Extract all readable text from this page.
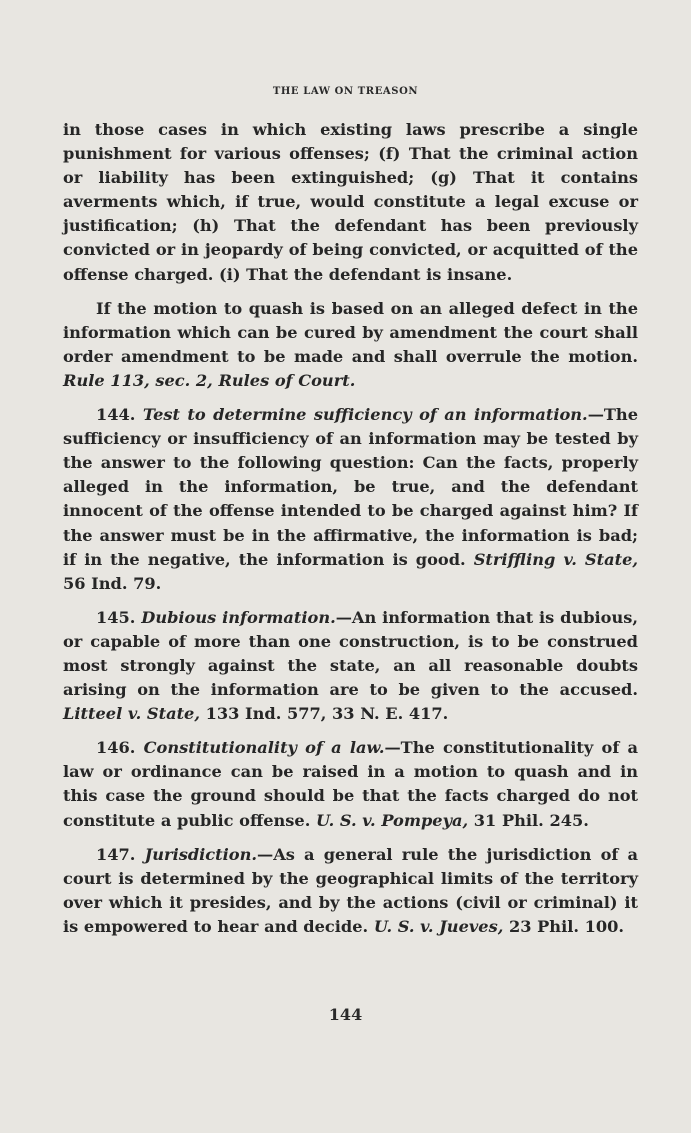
THE LAW ON TREASON

in those cases in which existing laws prescribe a single punishment for various offenses; (f) That the criminal action or liability has been extinguished; (g) That it contains averments which, if true, would constitute a legal excuse or justification; (h) That the defendant has been previously convicted or in jeopardy of being convicted, or acquitted of the offense charged. (i) That the defendant is insane.

If the motion to quash is based on an alleged defect in the information which can be cured by amendment the court shall order amendment to be made and shall overrule the motion. Rule 113, sec. 2, Rules of Court.

144. Test to determine sufficiency of an information.—The sufficiency or insufficiency of an information may be tested by the answer to the following question: Can the facts, properly alleged in the information, be true, and the defendant innocent of the offense intended to be charged against him? If the answer must be in the affirmative, the information is bad; if in the negative, the information is good. Striffling v. State, 56 Ind. 79.

145. Dubious information.—An information that is dubious, or capable of more than one construction, is to be construed most strongly against the state, an all reasonable doubts arising on the information are to be given to the accused. Litteel v. State, 133 Ind. 577, 33 N. E. 417.

146. Constitutionality of a law.—The constitutionality of a law or ordinance can be raised in a motion to quash and in this case the ground should be that the facts charged do not constitute a public offense. U. S. v. Pompeya, 31 Phil. 245.

147. Jurisdiction.—As a general rule the jurisdiction of a court is determined by the geographical limits of the territory over which it presides, and by the actions (civil or criminal) it is empowered to hear and decide. U. S. v. Jueves, 23 Phil. 100.

144
